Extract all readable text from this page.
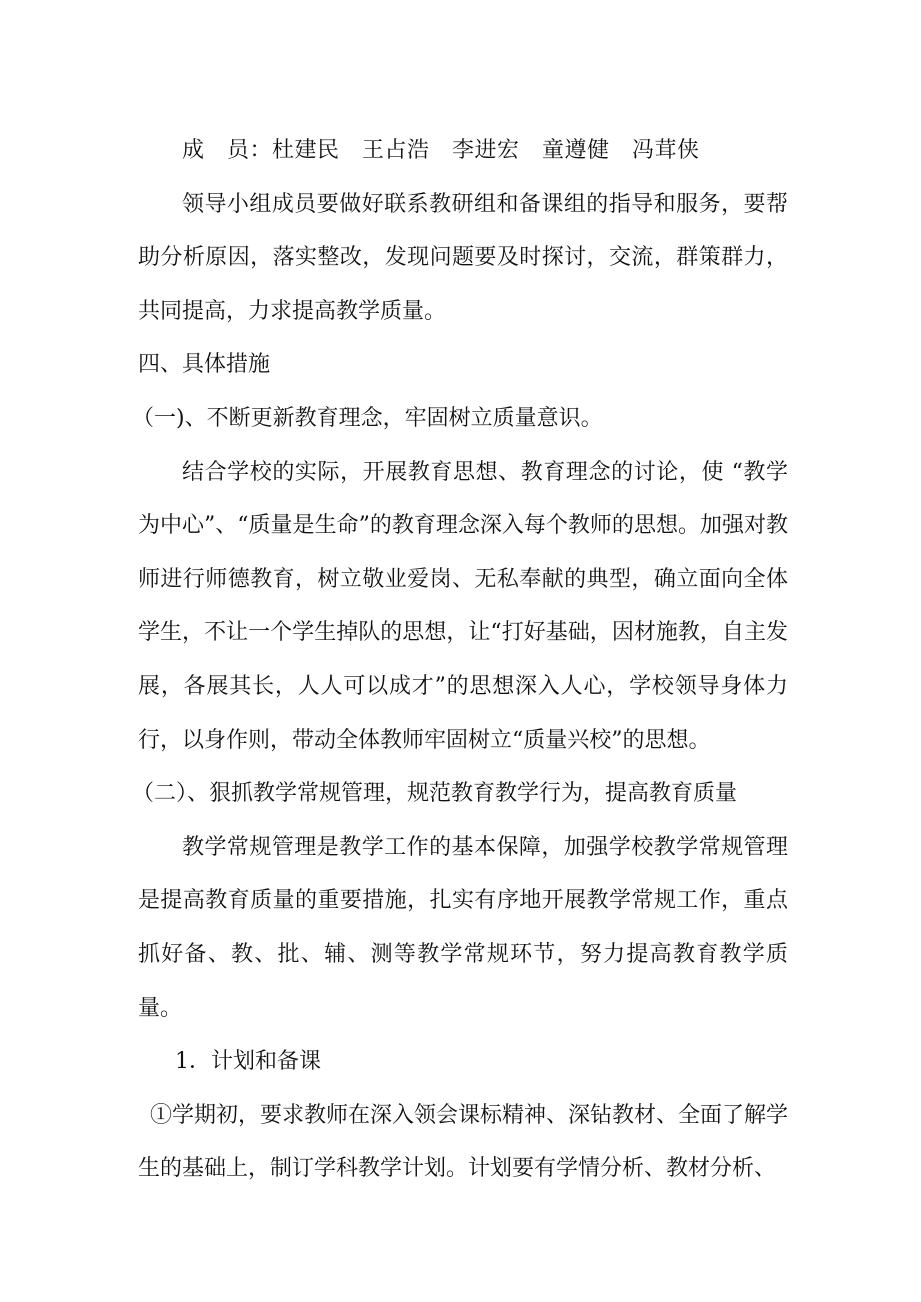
成　员：杜建民　王占浩　李进宏　童遵健　冯茸侠

领导小组成员要做好联系教研组和备课组的指导和服务，要帮助分析原因，落实整改，发现问题要及时探讨，交流，群策群力，共同提高，力求提高教学质量。

四、具体措施

（一)、不断更新教育理念，牢固树立质量意识。

结合学校的实际，开展教育思想、教育理念的讨论，使 “教学为中心”、“质量是生命”的教育理念深入每个教师的思想。加强对教师进行师德教育，树立敬业爱岗、无私奉献的典型，确立面向全体学生，不让一个学生掉队的思想，让“打好基础，因材施教，自主发展，各展其长，人人可以成才”的思想深入人心，学校领导身体力行，以身作则，带动全体教师牢固树立“质量兴校”的思想。

（二）、狠抓教学常规管理，规范教育教学行为，提高教育质量

教学常规管理是教学工作的基本保障，加强学校教学常规管理是提高教育质量的重要措施，扎实有序地开展教学常规工作，重点抓好备、教、批、辅、测等教学常规环节，努力提高教育教学质量。

1．计划和备课

①学期初，要求教师在深入领会课标精神、深钻教材、全面了解学生的基础上，制订学科教学计划。计划要有学情分析、教材分析、
